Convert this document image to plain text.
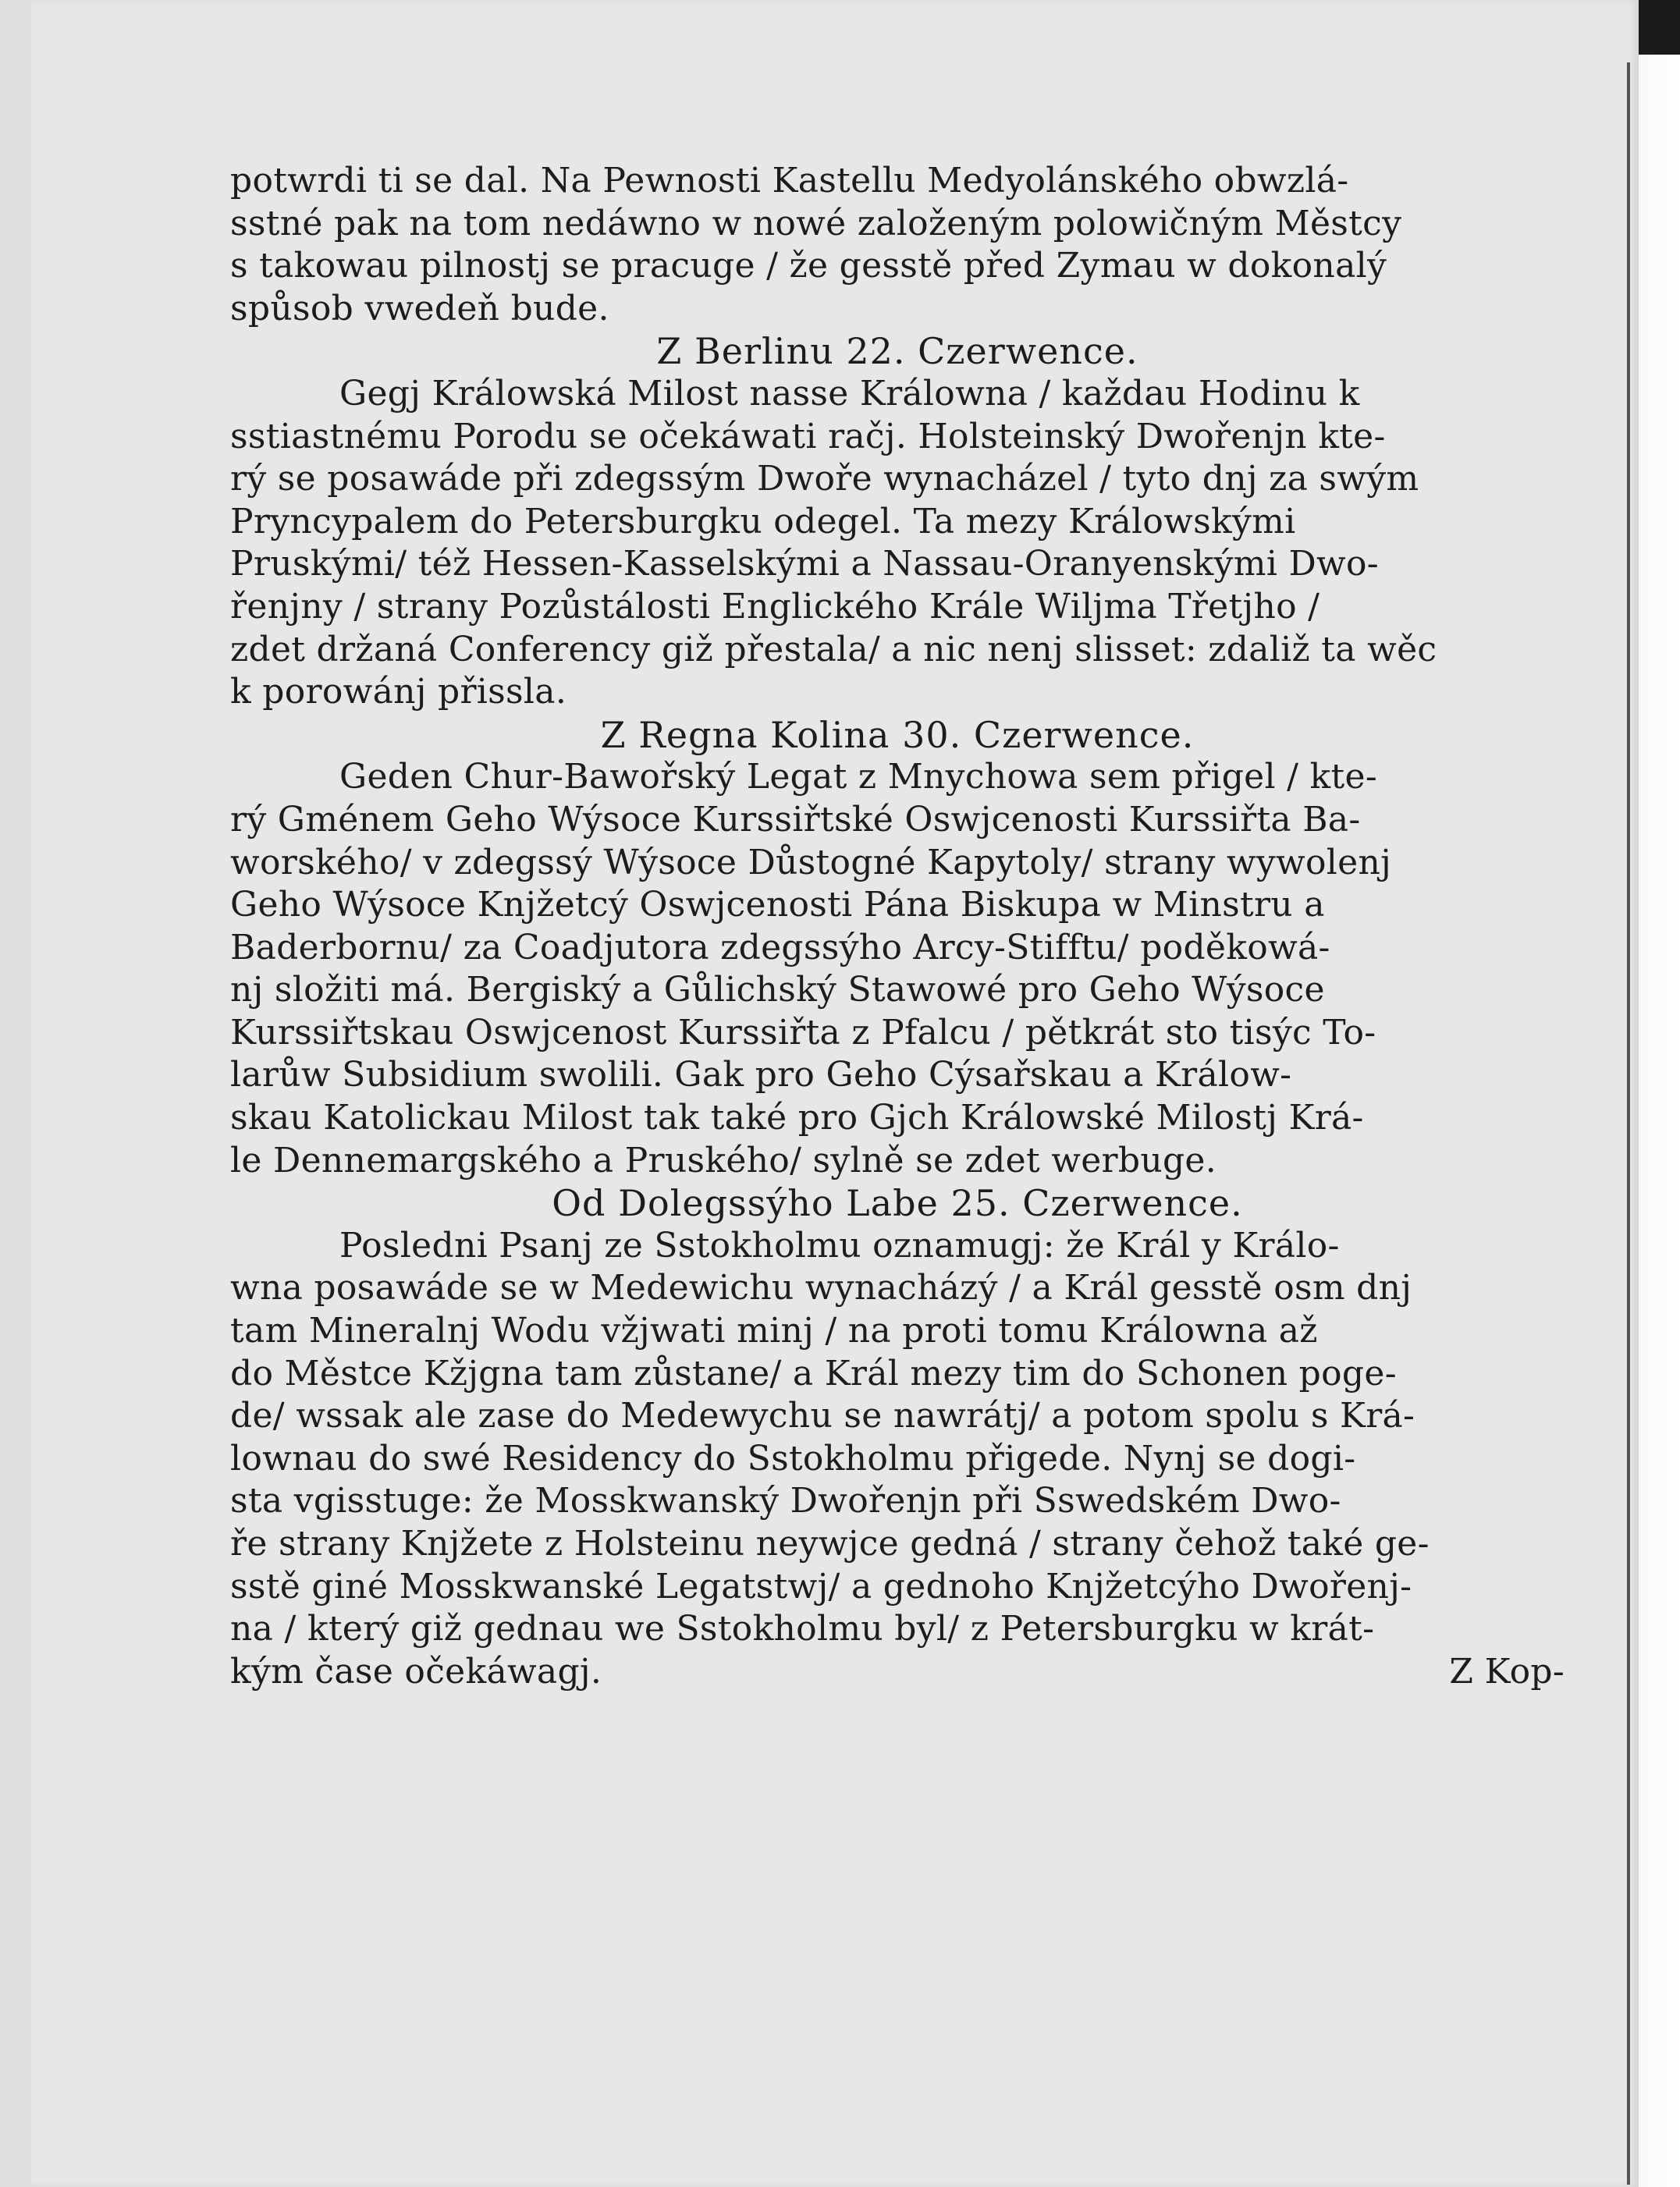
potwrdi ti se dal. Na Pewnosti Kastellu Medyolánského obwzlá-
sstné pak na tom nedáwno w nowé založeným polowičným Městcy
s takowau pilnostj se pracuge / že gesstě před Zymau w dokonalý
spůsob vwedeň bude.
Z Berlinu 22. Czerwence.
Gegj Králowská Milost nasse Králowna / každau Hodinu k
sstiastnému Porodu se očekáwati račj. Holsteinský Dwořenjn kte-
rý se posawáde při zdegssým Dwoře wynacházel / tyto dnj za swým
Pryncypalem do Petersburgku odegel. Ta mezy Králowskými
Pruskými/ též Hessen-Kasselskými a Nassau-Oranyenskými Dwo-
řenjny / strany Pozůstálosti Englického Krále Wiljma Třetjho /
zdet držaná Conferency giž přestala/ a nic nenj slisset: zdaliž ta wěc
k porowánj přissla.
Z Regna Kolina 30. Czerwence.
Geden Chur-Bawořský Legat z Mnychowa sem přigel / kte-
rý Gménem Geho Wýsoce Kurssiřtské Oswjcenosti Kurssiřta Ba-
worského/ v zdegssý Wýsoce Důstogné Kapytoly/ strany wywolenj
Geho Wýsoce Knjžetcý Oswjcenosti Pána Biskupa w Minstru a
Baderbornu/ za Coadjutora zdegssýho Arcy-Stifftu/ poděkowá-
nj složiti má. Bergiský a Gůlichský Stawowé pro Geho Wýsoce
Kurssiřtskau Oswjcenost Kurssiřta z Pfalcu / pětkrát sto tisýc To-
larůw Subsidium swolili. Gak pro Geho Cýsařskau a Králow-
skau Katolickau Milost tak také pro Gjch Králowské Milostj Krá-
le Dennemargského a Pruského/ sylně se zdet werbuge.
Od Dolegssýho Labe 25. Czerwence.
Posledni Psanj ze Sstokholmu oznamugj: že Král y Králo-
wna posawáde se w Medewichu wynacházý / a Král gesstě osm dnj
tam Mineralnj Wodu vžjwati minj / na proti tomu Králowna až
do Městce Kžjgna tam zůstane/ a Král mezy tim do Schonen poge-
de/ wssak ale zase do Medewychu se nawrátj/ a potom spolu s Krá-
lownau do swé Residency do Sstokholmu přigede. Nynj se dogi-
sta vgisstuge: že Mosskwanský Dwořenjn při Sswedském Dwo-
ře strany Knjžete z Holsteinu neywjce gedná / strany čehož také ge-
sstě giné Mosskwanské Legatstwj/ a gednoho Knjžetcýho Dwořenj-
na / který giž gednau we Sstokholmu byl/ z Petersburgku w krát-
kým čase očekáwagj.	Z Kop-
